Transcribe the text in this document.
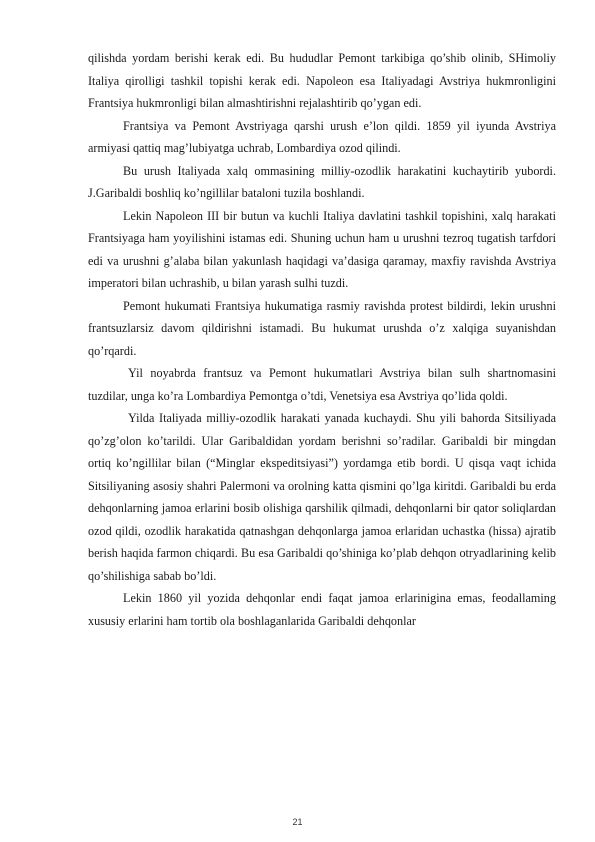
qilishda yordam berishi kerak edi. Bu hududlar Pemont tarkibiga qo’shib olinib, SHimoliy Italiya qirolligi tashkil topishi kerak edi. Napoleon esa Italiyadagi Avstriya hukmronligini Frantsiya hukmronligi bilan almashtirishni rejalashtirib qo’ygan edi.

Frantsiya va Pemont Avstriyaga qarshi urush e’lon qildi. 1859 yil iyunda Avstriya armiyasi qattiq mag’lubiyatga uchrab, Lombardiya ozod qilindi.

Bu urush Italiyada xalq ommasining milliy-ozodlik harakatini kuchaytirib yubordi. J.Garibaldi boshliq ko’ngillilar bataloni tuzila boshlandi.

Lekin Napoleon III bir butun va kuchli Italiya davlatini tashkil topishini, xalq harakati Frantsiyaga ham yoyilishini istamas edi. Shuning uchun ham u urushni tezroq tugatish tarfdori edi va urushni g’alaba bilan yakunlash haqidagi va’dasiga qaramay, maxfiy ravishda Avstriya imperatori bilan uchrashib, u bilan yarash sulhi tuzdi.

Pemont hukumati Frantsiya hukumatiga rasmiy ravishda protest bildirdi, lekin urushni frantsuzlarsiz davom qildirishni istamadi. Bu hukumat urushda o’z xalqiga suyanishdan qo’rqardi.

Yil noyabrda frantsuz va Pemont hukumatlari Avstriya bilan sulh shartnomasini tuzdilar, unga ko’ra Lombardiya Pemontga o’tdi, Venetsiya esa Avstriya qo’lida qoldi.

Yilda Italiyada milliy-ozodlik harakati yanada kuchaydi. Shu yili bahorda Sitsiliyada qo’zg’olon ko’tarildi. Ular Garibaldidan yordam berishni so’radilar. Garibaldi bir mingdan ortiq ko’ngillilar bilan (“Minglar ekspeditsiyasi”) yordamga etib bordi. U qisqa vaqt ichida Sitsiliyaning asosiy shahri Palermoni va orolning katta qismini qo’lga kiritdi. Garibaldi bu erda dehqonlarning jamoa erlarini bosib olishiga qarshilik qilmadi, dehqonlarni bir qator soliqlardan ozod qildi, ozodlik harakatida qatnashgan dehqonlarga jamoa erlaridan uchastka (hissa) ajratib berish haqida farmon chiqardi. Bu esa Garibaldi qo’shiniga ko’plab dehqon otryadlarining kelib qo’shilishiga sabab bo’ldi.

Lekin 1860 yil yozida dehqonlar endi faqat jamoa erlarinigina emas, feodallaming xususiy erlarini ham tortib ola boshlaganlarida Garibaldi dehqonlar

21
